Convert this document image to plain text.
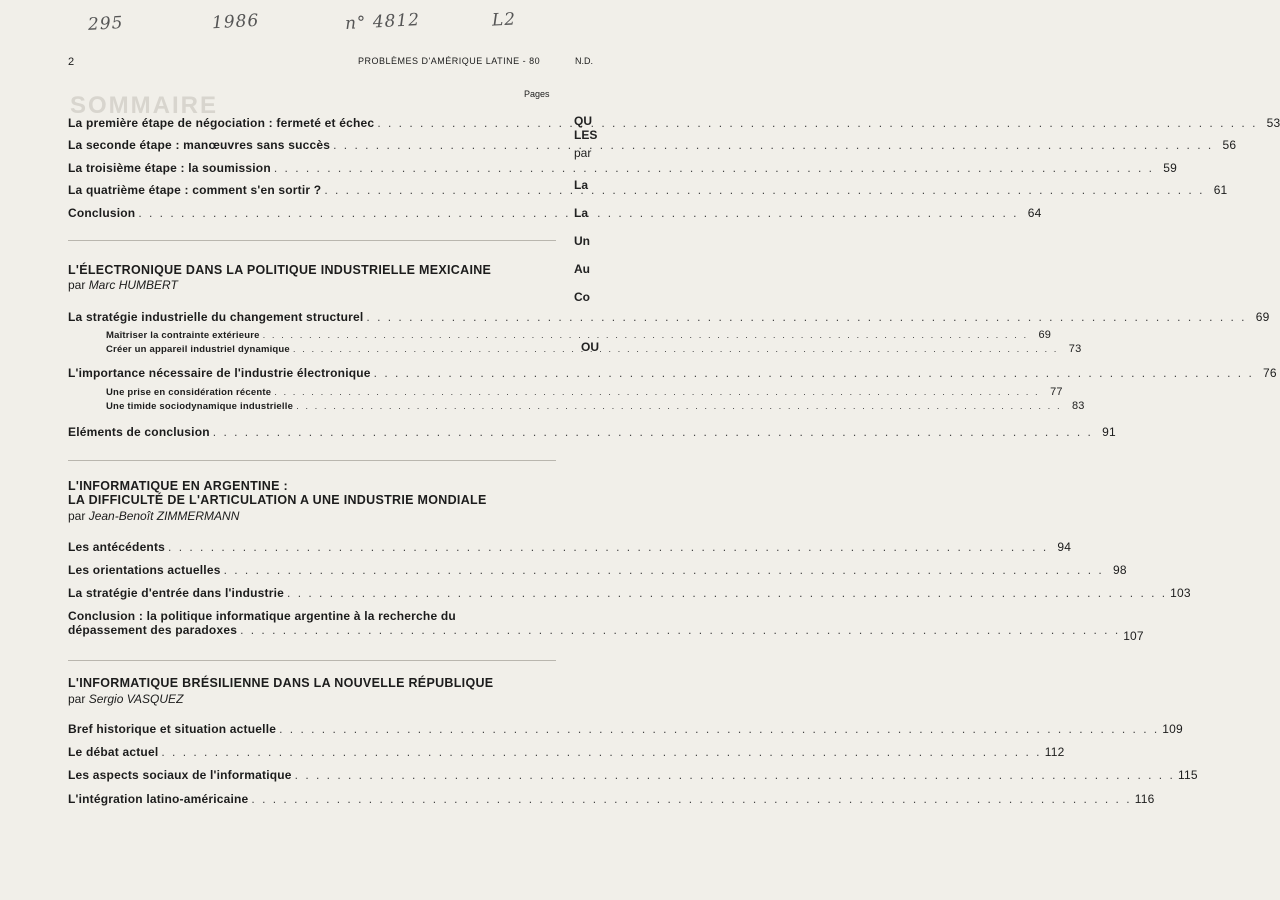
SOMMAIRE
295	1986	n° 4812	L2
2	PROBLÈMES D'AMÉRIQUE LATINE - 80	N.D.
Pages
La première étape de négociation : fermeté et échec . . .	53
La seconde étape : manœuvres sans succès . . .	56
La troisième étape : la soumission . . .	59
La quatrième étape : comment s'en sortir ? . . .	61
Conclusion . . .	64
L'ÉLECTRONIQUE DANS LA POLITIQUE INDUSTRIELLE MEXICAINE
par Marc HUMBERT
La stratégie industrielle du changement structurel . . .	69
Maîtriser la contrainte extérieure . . .	69
Créer un appareil industriel dynamique . . .	73
L'importance nécessaire de l'industrie électronique . . .	76
Une prise en considération récente . . .	77
Une timide sociodynamique industrielle . . .	83
Eléments de conclusion . . .	91
L'INFORMATIQUE EN ARGENTINE :
LA DIFFICULTÉ DE L'ARTICULATION A UNE INDUSTRIE MONDIALE
par Jean-Benoît ZIMMERMANN
Les antécédents . . .	94
Les orientations actuelles . . .	98
La stratégie d'entrée dans l'industrie . . .	103
Conclusion : la politique informatique argentine à la recherche du
dépassement des paradoxes . . .	107
L'INFORMATIQUE BRÉSILIENNE DANS LA NOUVELLE RÉPUBLIQUE
par Sergio VASQUEZ
Bref historique et situation actuelle . . .	109
Le débat actuel . . .	112
Les aspects sociaux de l'informatique . . .	115
L'intégration latino-américaine . . .	116
QU
LES
par
La
La
Un
Au
Co
OU
